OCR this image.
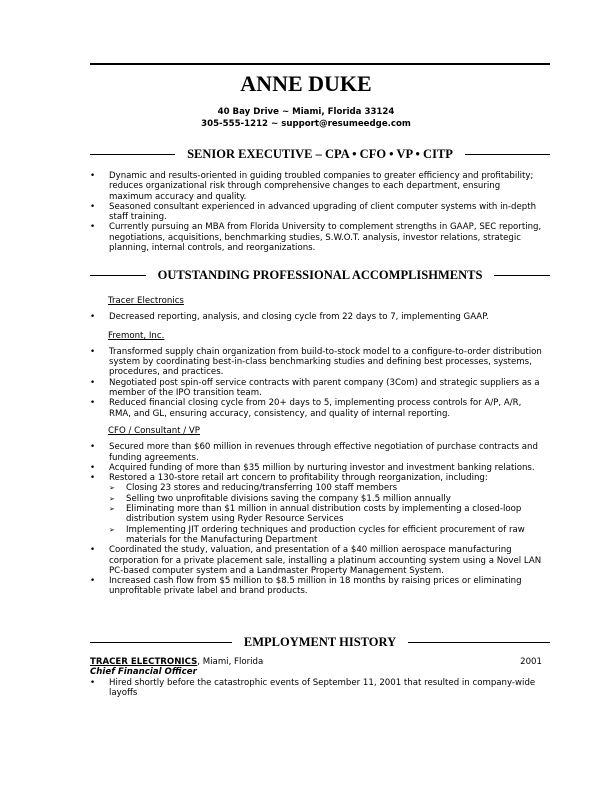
ANNE DUKE
40 Bay Drive ~ Miami, Florida 33124
305-555-1212 ~ support@resumeedge.com
SENIOR EXECUTIVE – CPA • CFO • VP • CITP
• Dynamic and results-oriented in guiding troubled companies to greater efficiency and profitability; reduces organizational risk through comprehensive changes to each department, ensuring maximum accuracy and quality.
• Seasoned consultant experienced in advanced upgrading of client computer systems with in-depth staff training.
• Currently pursuing an MBA from Florida University to complement strengths in GAAP, SEC reporting, negotiations, acquisitions, benchmarking studies, S.W.O.T. analysis, investor relations, strategic planning, internal controls, and reorganizations.
OUTSTANDING PROFESSIONAL ACCOMPLISHMENTS
Tracer Electronics
• Decreased reporting, analysis, and closing cycle from 22 days to 7, implementing GAAP.
Fremont, Inc.
• Transformed supply chain organization from build-to-stock model to a configure-to-order distribution system by coordinating best-in-class benchmarking studies and defining best processes, systems, procedures, and practices.
• Negotiated post spin-off service contracts with parent company (3Com) and strategic suppliers as a member of the IPO transition team.
• Reduced financial closing cycle from 20+ days to 5, implementing process controls for A/P, A/R, RMA, and GL, ensuring accuracy, consistency, and quality of internal reporting.
CFO / Consultant / VP
• Secured more than $60 million in revenues through effective negotiation of purchase contracts and funding agreements.
• Acquired funding of more than $35 million by nurturing investor and investment banking relations.
• Restored a 130-store retail art concern to profitability through reorganization, including:
➢ Closing 23 stores and reducing/transferring 100 staff members
➢ Selling two unprofitable divisions saving the company $1.5 million annually
➢ Eliminating more than $1 million in annual distribution costs by implementing a closed-loop distribution system using Ryder Resource Services
➢ Implementing JIT ordering techniques and production cycles for efficient procurement of raw materials for the Manufacturing Department
• Coordinated the study, valuation, and presentation of a $40 million aerospace manufacturing corporation for a private placement sale, installing a platinum accounting system using a Novel LAN PC-based computer system and a Landmaster Property Management System.
• Increased cash flow from $5 million to $8.5 million in 18 months by raising prices or eliminating unprofitable private label and brand products.
EMPLOYMENT HISTORY
TRACER ELECTRONICS, Miami, Florida	2001
Chief Financial Officer
• Hired shortly before the catastrophic events of September 11, 2001 that resulted in company-wide layoffs
